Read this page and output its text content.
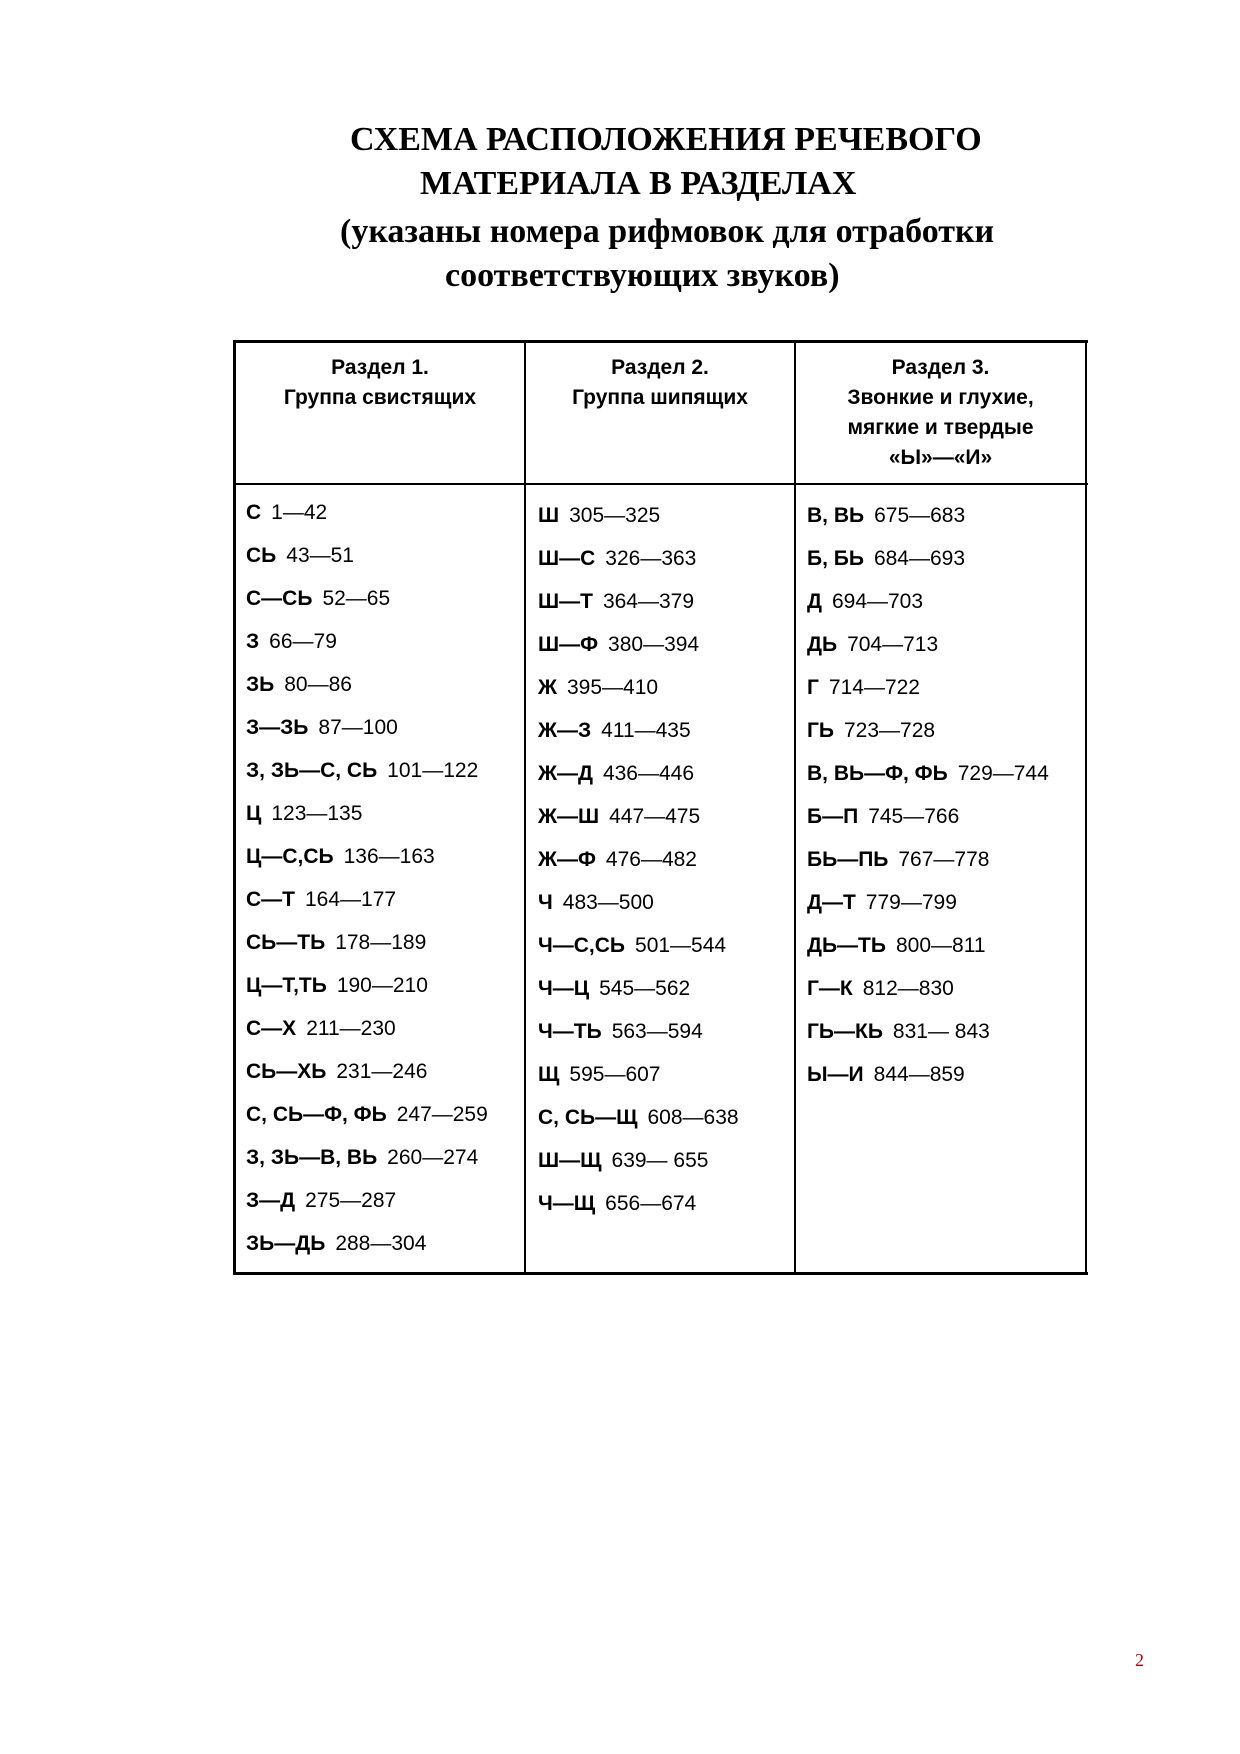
СХЕМА РАСПОЛОЖЕНИЯ РЕЧЕВОГО
МАТЕРИАЛА В РАЗДЕЛАХ
(указаны номера рифмовок для отработки
соответствующих звуков)
Раздел 1.
Группа свистящих
Раздел 2.
Группа шипящих
Раздел 3.
Звонкие и глухие,
мягкие и твердые
«Ы»—«И»
С 1—42
СЬ 43—51
С—СЬ 52—65
З 66—79
ЗЬ 80—86
З—ЗЬ 87—100
З, ЗЬ—С, СЬ 101—122
Ц 123—135
Ц—С,СЬ 136—163
С—Т 164—177
СЬ—ТЬ 178—189
Ц—Т,ТЬ 190—210
С—Х 211—230
СЬ—ХЬ 231—246
С, СЬ—Ф, ФЬ 247—259
З, ЗЬ—В, ВЬ 260—274
З—Д 275—287
ЗЬ—ДЬ 288—304
Ш 305—325
Ш—С 326—363
Ш—Т 364—379
Ш—Ф 380—394
Ж 395—410
Ж—З 411—435
Ж—Д 436—446
Ж—Ш 447—475
Ж—Ф 476—482
Ч 483—500
Ч—С,СЬ 501—544
Ч—Ц 545—562
Ч—ТЬ 563—594
Щ 595—607
С, СЬ—Щ 608—638
Ш—Щ 639— 655
Ч—Щ 656—674
В, ВЬ 675—683
Б, БЬ 684—693
Д 694—703
ДЬ 704—713
Г 714—722
ГЬ 723—728
В, ВЬ—Ф, ФЬ 729—744
Б—П 745—766
БЬ—ПЬ 767—778
Д—Т 779—799
ДЬ—ТЬ 800—811
Г—К 812—830
ГЬ—КЬ 831— 843
Ы—И 844—859
2
